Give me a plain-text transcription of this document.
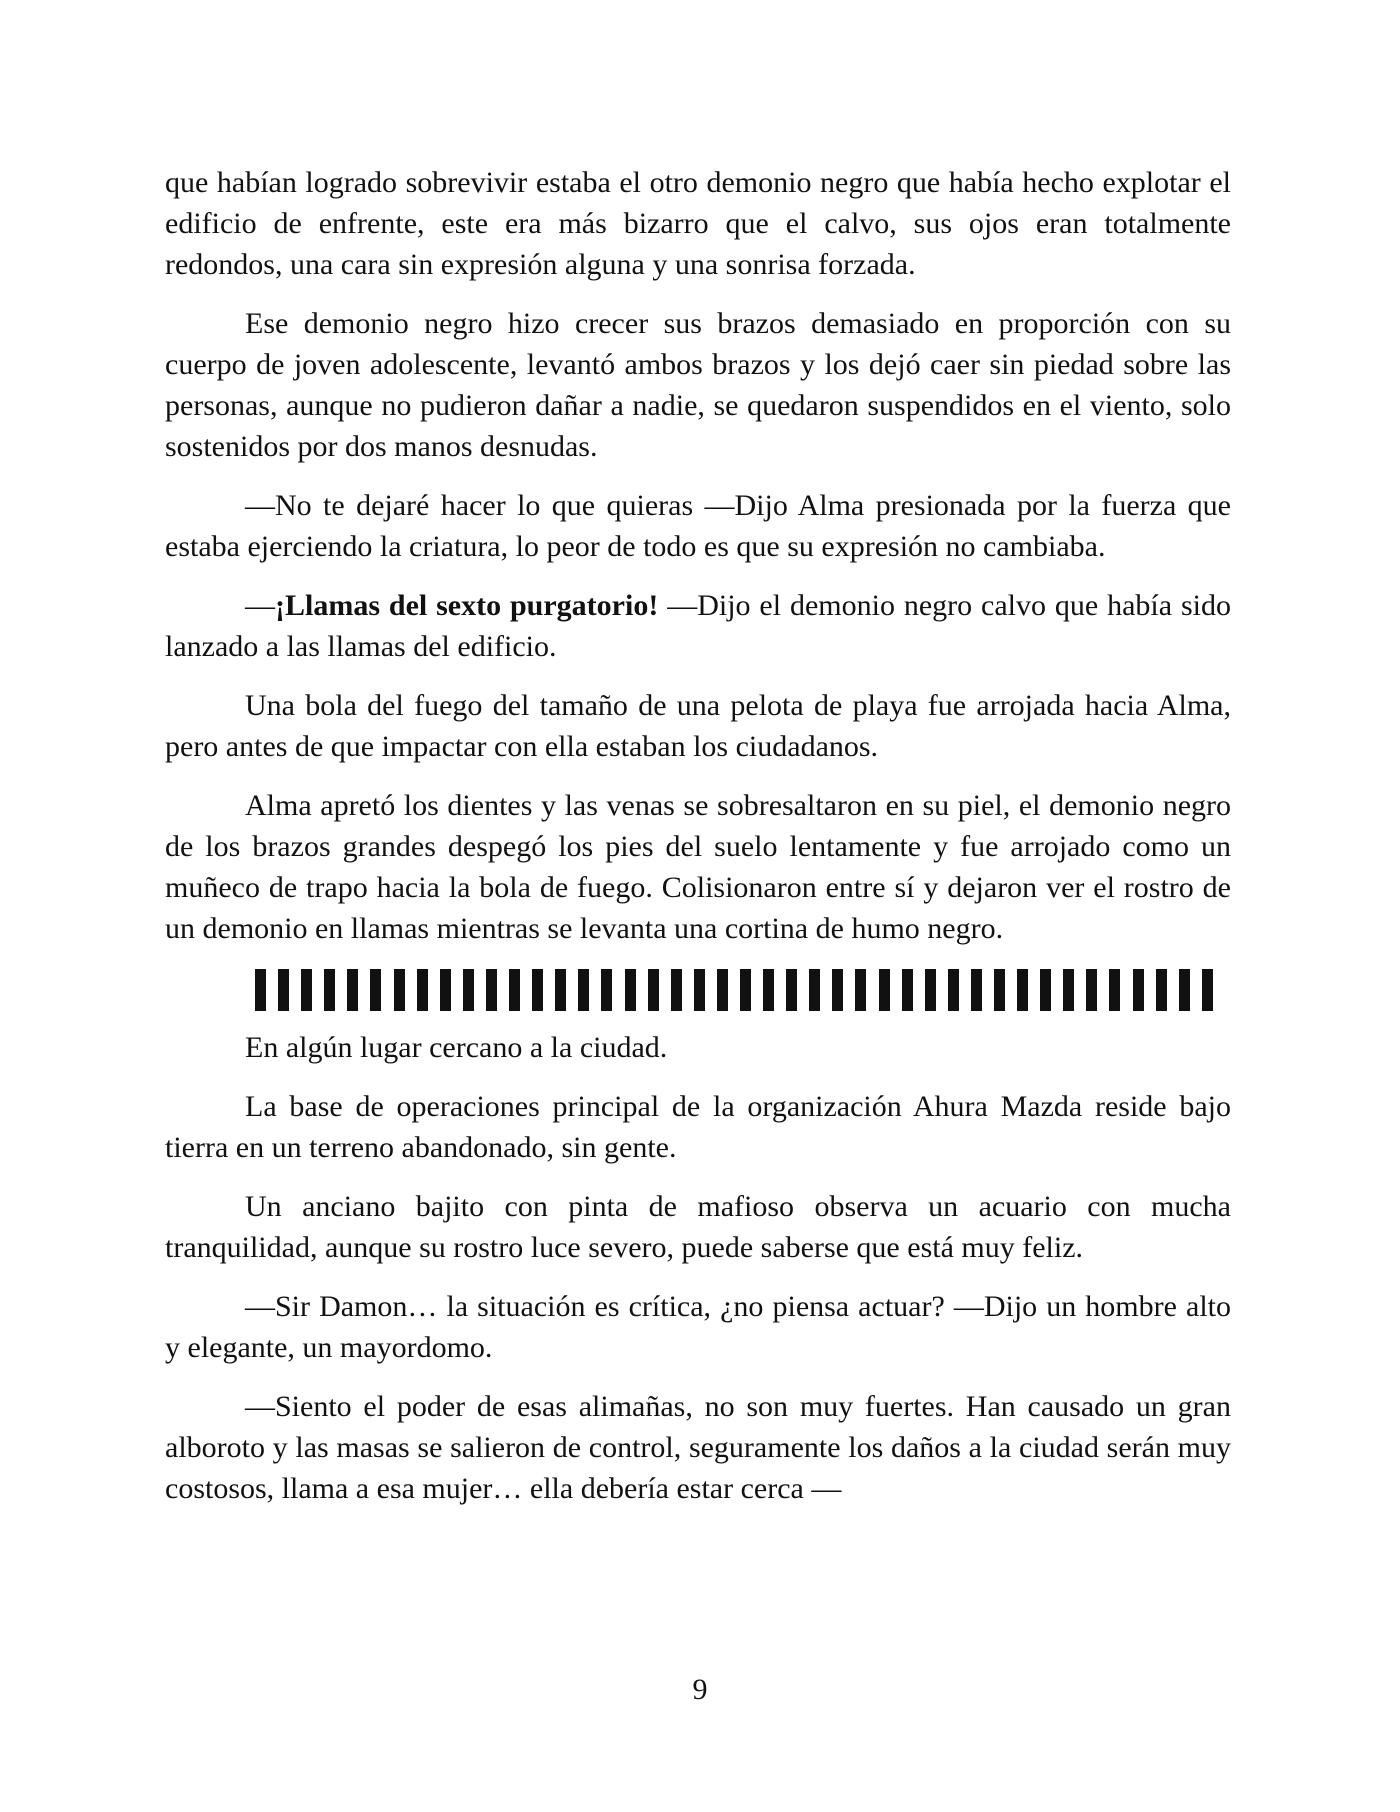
que habían logrado sobrevivir estaba el otro demonio negro que había hecho explotar el edificio de enfrente, este era más bizarro que el calvo, sus ojos eran totalmente redondos, una cara sin expresión alguna y una sonrisa forzada.

Ese demonio negro hizo crecer sus brazos demasiado en proporción con su cuerpo de joven adolescente, levantó ambos brazos y los dejó caer sin piedad sobre las personas, aunque no pudieron dañar a nadie, se quedaron suspendidos en el viento, solo sostenidos por dos manos desnudas.

—No te dejaré hacer lo que quieras —Dijo Alma presionada por la fuerza que estaba ejerciendo la criatura, lo peor de todo es que su expresión no cambiaba.

—¡Llamas del sexto purgatorio! —Dijo el demonio negro calvo que había sido lanzado a las llamas del edificio.

Una bola del fuego del tamaño de una pelota de playa fue arrojada hacia Alma, pero antes de que impactar con ella estaban los ciudadanos.

Alma apretó los dientes y las venas se sobresaltaron en su piel, el demonio negro de los brazos grandes despegó los pies del suelo lentamente y fue arrojado como un muñeco de trapo hacia la bola de fuego. Colisionaron entre sí y dejaron ver el rostro de un demonio en llamas mientras se levanta una cortina de humo negro.

En algún lugar cercano a la ciudad.

La base de operaciones principal de la organización Ahura Mazda reside bajo tierra en un terreno abandonado, sin gente.

Un anciano bajito con pinta de mafioso observa un acuario con mucha tranquilidad, aunque su rostro luce severo, puede saberse que está muy feliz.

—Sir Damon… la situación es crítica, ¿no piensa actuar? —Dijo un hombre alto y elegante, un mayordomo.

—Siento el poder de esas alimañas, no son muy fuertes. Han causado un gran alboroto y las masas se salieron de control, seguramente los daños a la ciudad serán muy costosos, llama a esa mujer… ella debería estar cerca —

9
